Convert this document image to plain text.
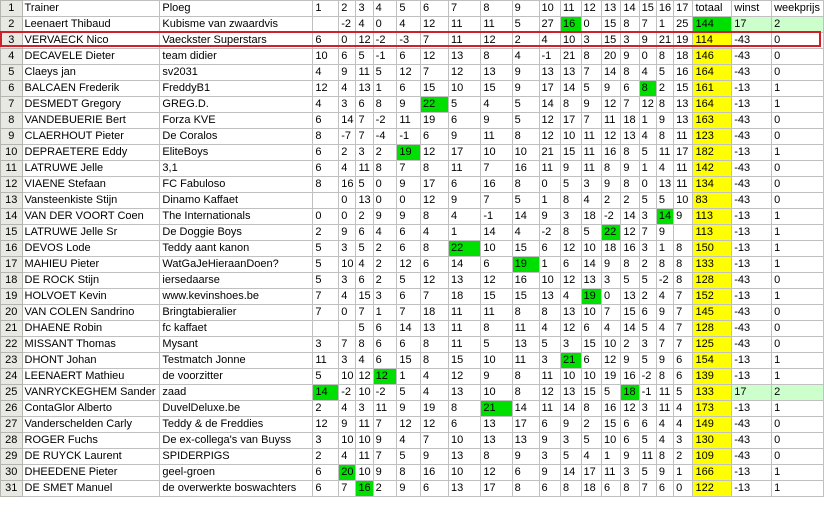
1	Trainer	Ploeg	1	2	3	4	5	6	7	8	9	10	11	12	13	14	15	16	17	totaal	winst	weekprijs
2	Leenaert Thibaud	Kubisme van zwaardvis		-2	4	0	4	12	11	11	5	27	16	0	15	8	7	1	25	144	17	2
3	VERVAECK Nico	Vaeckster Superstars	6	0	12	-2	-3	7	11	12	2	4	10	3	15	3	9	21	19	114	-43	0
4	DECAVELE Dieter	team didier	10	6	5	-1	6	12	13	8	4	-1	21	8	20	9	0	8	18	146	-43	0
5	Claeys jan	sv2031	4	9	11	5	12	7	12	13	9	13	13	7	14	8	4	5	16	164	-43	0
6	BALCAEN Frederik	FreddyB1	12	4	13	1	6	15	10	15	9	17	14	5	9	6	8	2	15	161	-13	1
7	DESMEDT Gregory	GREG.D.	4	3	6	8	9	22	5	4	5	14	8	9	12	7	12	8	13	164	-13	1
8	VANDEBUERIE Bert	Forza KVE	6	14	7	-2	11	19	6	9	5	12	17	7	11	18	1	9	13	163	-43	0
9	CLAERHOUT Pieter	De Coralos	8	-7	7	-4	-1	6	9	11	8	12	10	11	12	13	4	8	11	123	-43	0
10	DEPRAETERE Eddy	EliteBoys	6	2	3	2	19	12	17	10	10	21	15	11	16	8	5	11	17	182	-13	1
11	LATRUWE Jelle	3,1	6	4	11	8	7	8	11	7	16	11	9	11	8	9	1	4	11	142	-43	0
12	VIAENE Stefaan	FC Fabuloso	8	16	5	0	9	17	6	16	8	0	5	3	9	8	0	13	11	134	-43	0
13	Vansteenkiste Stijn	Dinamo Kaffaet		0	13	0	0	12	9	7	5	1	8	4	2	2	5	5	10	83	-43	0
14	VAN DER VOORT Coen	The Internationals	0	0	2	9	9	8	4	-1	14	9	3	18	-2	14	3	14	9	113	-13	1
15	LATRUWE Jelle Sr	De Doggie Boys	2	9	6	4	6	4	1	14	4	-2	8	5	22	12	7	9		113	-13	1
16	DEVOS Lode	Teddy aant kanon	5	3	5	2	6	8	22	10	15	6	12	10	18	16	3	1	8	150	-13	1
17	MAHIEU Pieter	WatGaJeHieraanDoen?	5	10	4	2	12	6	14	6	19	1	6	14	9	8	2	8	8	133	-13	1
18	DE ROCK Stijn	iersedaarse	5	3	6	2	5	12	13	12	16	10	12	13	3	5	5	-2	8	128	-43	0
19	HOLVOET Kevin	www.kevinshoes.be	7	4	15	3	6	7	18	15	15	13	4	19	0	13	2	4	7	152	-13	1
20	VAN COLEN Sandrino	Bringtabieralier	7	0	7	1	7	18	11	11	8	8	13	10	7	15	6	9	7	145	-43	0
21	DHAENE Robin	fc kaffaet			5	6	14	13	11	8	11	4	12	6	4	14	5	4	7	128	-43	0
22	MISSANT Thomas	Mysant	3	7	8	6	6	8	11	5	13	5	3	15	10	2	3	7	7	125	-43	0
23	DHONT Johan	Testmatch Jonne	11	3	4	6	15	8	15	10	11	3	21	6	12	9	5	9	6	154	-13	1
24	LEENAERT Mathieu	de voorzitter	5	10	12	12	1	4	12	9	8	11	10	10	19	16	-2	8	6	139	-13	1
25	VANRYCKEGHEM Sander	zaad	14	-2	10	-2	5	4	13	10	8	12	13	15	5	18	-1	11	5	133	17	2
26	ContaGlor Alberto	DuvelDeluxe.be	2	4	3	11	9	19	8	21	14	11	14	8	16	12	3	11	4	173	-13	1
27	Vanderschelden Carly	Teddy & de Freddies	12	9	11	7	12	12	6	13	17	6	9	2	15	6	6	4	4	149	-43	0
28	ROGER Fuchs	De ex-collega's van Buyss	3	10	10	9	4	7	10	13	13	9	3	5	10	6	5	4	3	130	-43	0
29	DE RUYCK Laurent	SPIDERPIGS	2	4	11	7	5	9	13	8	9	3	5	4	1	9	11	8	2	109	-43	0
30	DHEEDENE Pieter	geel-groen	6	20	10	9	8	16	10	12	6	9	14	17	11	3	5	9	1	166	-13	1
31	DE SMET Manuel	de overwerkte boswachters	6	7	16	2	9	6	13	17	8	6	8	18	6	8	7	6	0	122	-13	1
